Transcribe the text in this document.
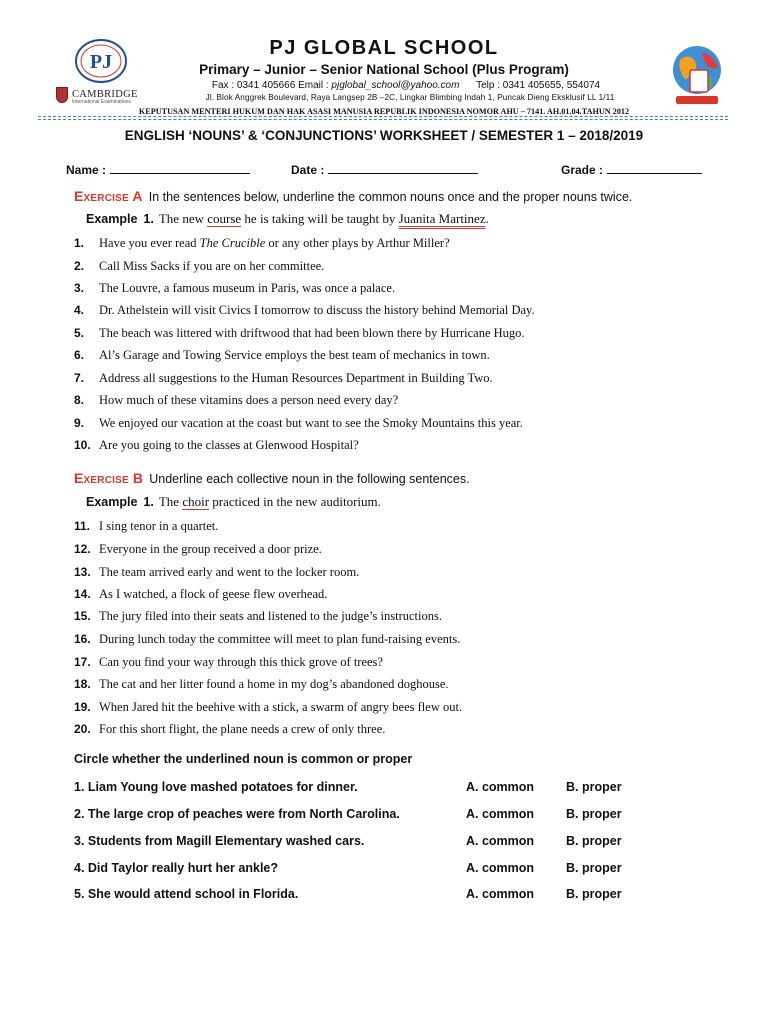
PJ
CAMBRIDGE
International Examinations
PJ GLOBAL SCHOOL
Primary – Junior – Senior National School (Plus Program)
Fax : 0341 405666 Email : pjglobal_school@yahoo.com Telp : 0341 405655, 554074
Jl. Blok Anggrek Boulevard, Raya Langsep 2B –2C, Lingkar Blimbing Indah 1, Puncak Dieng Eksklusif LL 1/11
KEPUTUSAN MENTERI HUKUM DAN HAK ASASI MANUSIA REPUBLIK INDONESIA NOMOR AHU – 7141. AH.01.04.TAHUN 2012
ENGLISH ‘NOUNS’ & ‘CONJUNCTIONS’ WORKSHEET / SEMESTER 1 – 2018/2019
Name :	Date :	Grade :
Exercise A In the sentences below, underline the common nouns once and the proper nouns twice.
Example 1. The new course he is taking will be taught by Juanita Martinez.
1. Have you ever read The Crucible or any other plays by Arthur Miller?
2. Call Miss Sacks if you are on her committee.
3. The Louvre, a famous museum in Paris, was once a palace.
4. Dr. Athelstein will visit Civics I tomorrow to discuss the history behind Memorial Day.
5. The beach was littered with driftwood that had been blown there by Hurricane Hugo.
6. Al’s Garage and Towing Service employs the best team of mechanics in town.
7. Address all suggestions to the Human Resources Department in Building Two.
8. How much of these vitamins does a person need every day?
9. We enjoyed our vacation at the coast but want to see the Smoky Mountains this year.
10. Are you going to the classes at Glenwood Hospital?
Exercise B Underline each collective noun in the following sentences.
Example 1. The choir practiced in the new auditorium.
11. I sing tenor in a quartet.
12. Everyone in the group received a door prize.
13. The team arrived early and went to the locker room.
14. As I watched, a flock of geese flew overhead.
15. The jury filed into their seats and listened to the judge’s instructions.
16. During lunch today the committee will meet to plan fund-raising events.
17. Can you find your way through this thick grove of trees?
18. The cat and her litter found a home in my dog’s abandoned doghouse.
19. When Jared hit the beehive with a stick, a swarm of angry bees flew out.
20. For this short flight, the plane needs a crew of only three.
Circle whether the underlined noun is common or proper
1. Liam Young love mashed potatoes for dinner.	A. common	B. proper
2. The large crop of peaches were from North Carolina.	A. common	B. proper
3. Students from Magill Elementary washed cars.	A. common	B. proper
4. Did Taylor really hurt her ankle?	A. common	B. proper
5. She would attend school in Florida.	A. common	B. proper
